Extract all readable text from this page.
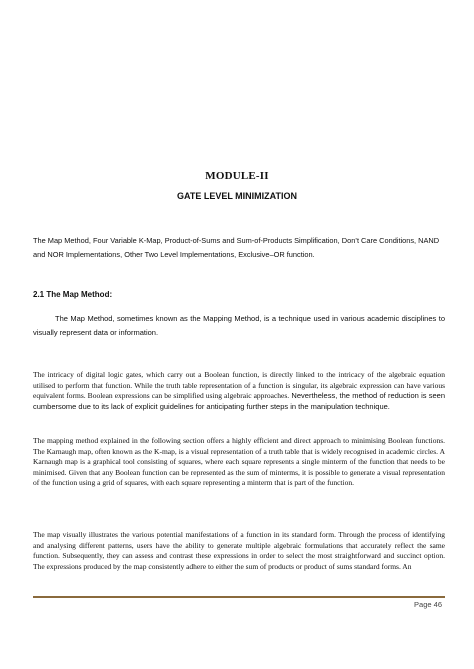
MODULE-II
GATE LEVEL MINIMIZATION
The Map Method, Four Variable K-Map, Product-of-Sums and Sum-of-Products Simplification, Don’t Care Conditions, NAND and NOR Implementations, Other Two Level Implementations, Exclusive–OR function.
2.1 The Map Method:
The Map Method, sometimes known as the Mapping Method, is a technique used in various academic disciplines to visually represent data or information.
The intricacy of digital logic gates, which carry out a Boolean function, is directly linked to the intricacy of the algebraic equation utilised to perform that function. While the truth table representation of a function is singular, its algebraic expression can have various equivalent forms. Boolean expressions can be simplified using algebraic approaches. Nevertheless, the method of reduction is seen cumbersome due to its lack of explicit guidelines for anticipating further steps in the manipulation technique.
The mapping method explained in the following section offers a highly efficient and direct approach to minimising Boolean functions. The Karnaugh map, often known as the K-map, is a visual representation of a truth table that is widely recognised in academic circles. A Karnaugh map is a graphical tool consisting of squares, where each square represents a single minterm of the function that needs to be minimised. Given that any Boolean function can be represented as the sum of minterms, it is possible to generate a visual representation of the function using a grid of squares, with each square representing a minterm that is part of the function.
The map visually illustrates the various potential manifestations of a function in its standard form. Through the process of identifying and analysing different patterns, users have the ability to generate multiple algebraic formulations that accurately reflect the same function. Subsequently, they can assess and contrast these expressions in order to select the most straightforward and succinct option. The expressions produced by the map consistently adhere to either the sum of products or product of sums standard forms. An
Page 46
